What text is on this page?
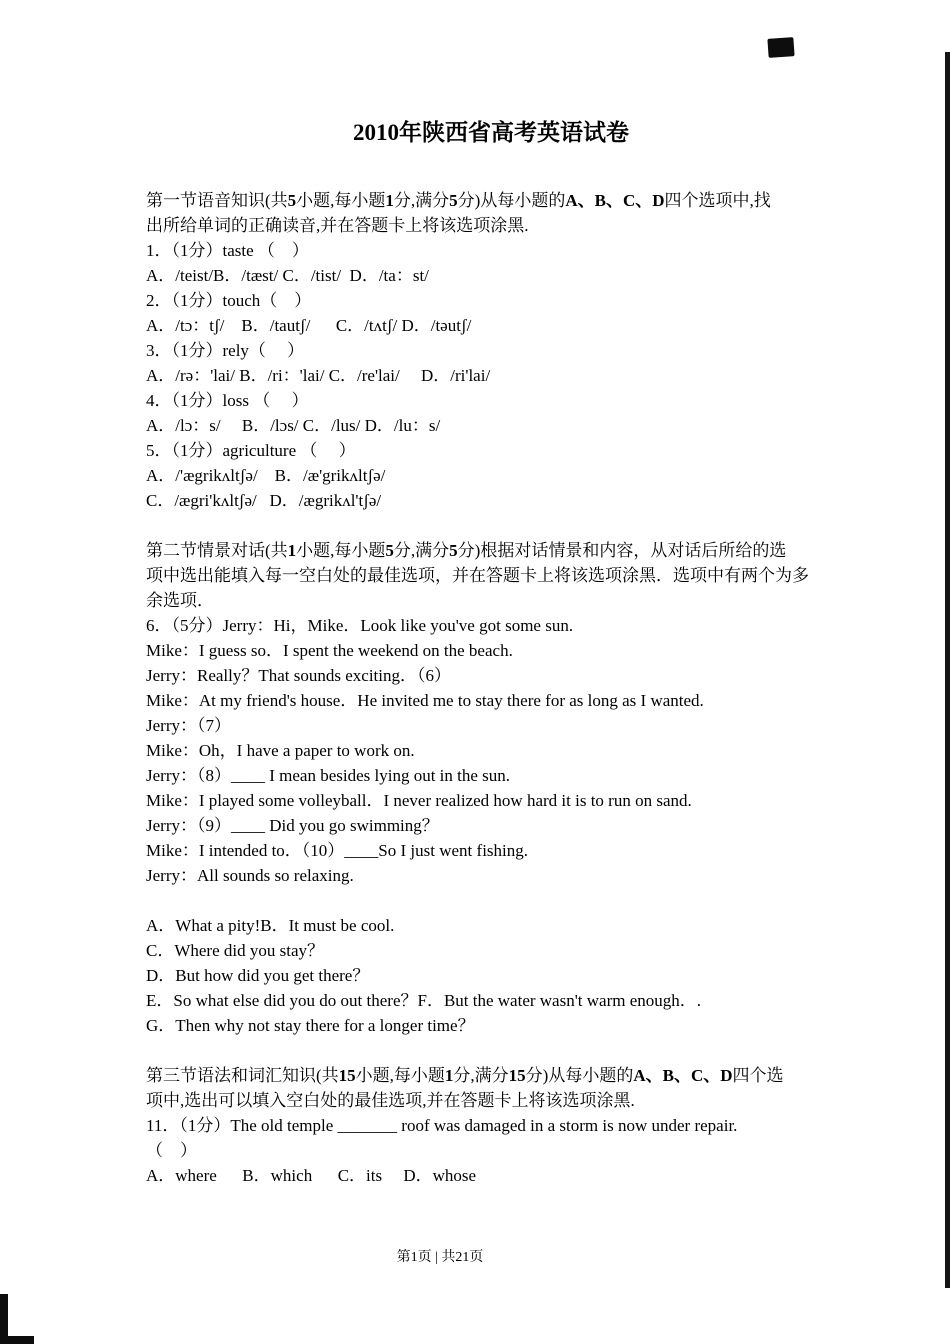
2010年陕西省高考英语试卷
第一节语音知识(共5小题,每小题1分,满分5分)从每小题的A、B、C、D四个选项中,找
出所给单词的正确读音,并在答题卡上将该选项涂黑.
1．（1分）taste （    ）
A．/teist/B．/tæst/ C．/tist/  D．/ta：st/
2．（1分）touch（    ）
A．/tɔ：tʃ/    B．/tautʃ/      C．/tʌtʃ/ D．/təutʃ/
3．（1分）rely（     ）
A．/rə：'lai/ B．/ri：'lai/ C．/re'lai/     D．/ri'lai/
4．（1分）loss （     ）
A．/lɔ：s/     B．/lɔs/ C．/lus/ D．/lu：s/
5．（1分）agriculture （     ）
A．/'ægrikʌltʃə/    B．/æ'grikʌltʃə/
C．/ægri'kʌltʃə/   D．/ægrikʌl'tʃə/
第二节情景对话(共1小题,每小题5分,满分5分)根据对话情景和内容，从对话后所给的选
项中选出能填入每一空白处的最佳选项，并在答题卡上将该选项涂黑．选项中有两个为多
余选项．
6．（5分）Jerry：Hi，Mike．Look like you've got some sun.
Mike：I guess so．I spent the weekend on the beach.
Jerry：Really？That sounds exciting．（6）
Mike：At my friend's house．He invited me to stay there for as long as I wanted.
Jerry：（7）
Mike：Oh，I have a paper to work on.
Jerry：（8）____ I mean besides lying out in the sun.
Mike：I played some volleyball．I never realized how hard it is to run on sand.
Jerry：（9）____ Did you go swimming？
Mike：I intended to．（10）____So I just went fishing.
Jerry：All sounds so relaxing.
A．What a pity!B．It must be cool.
C．Where did you stay？
D．But how did you get there？
E．So what else did you do out there？F．But the water wasn't warm enough．.
G．Then why not stay there for a longer time？
第三节语法和词汇知识(共15小题,每小题1分,满分15分)从每小题的A、B、C、D四个选
项中,选出可以填入空白处的最佳选项,并在答题卡上将该选项涂黑.
11．（1分）The old temple _______ roof was damaged in a storm is now under repair.
（    ）
A．where      B．which      C．its     D．whose
第1页 | 共21页
